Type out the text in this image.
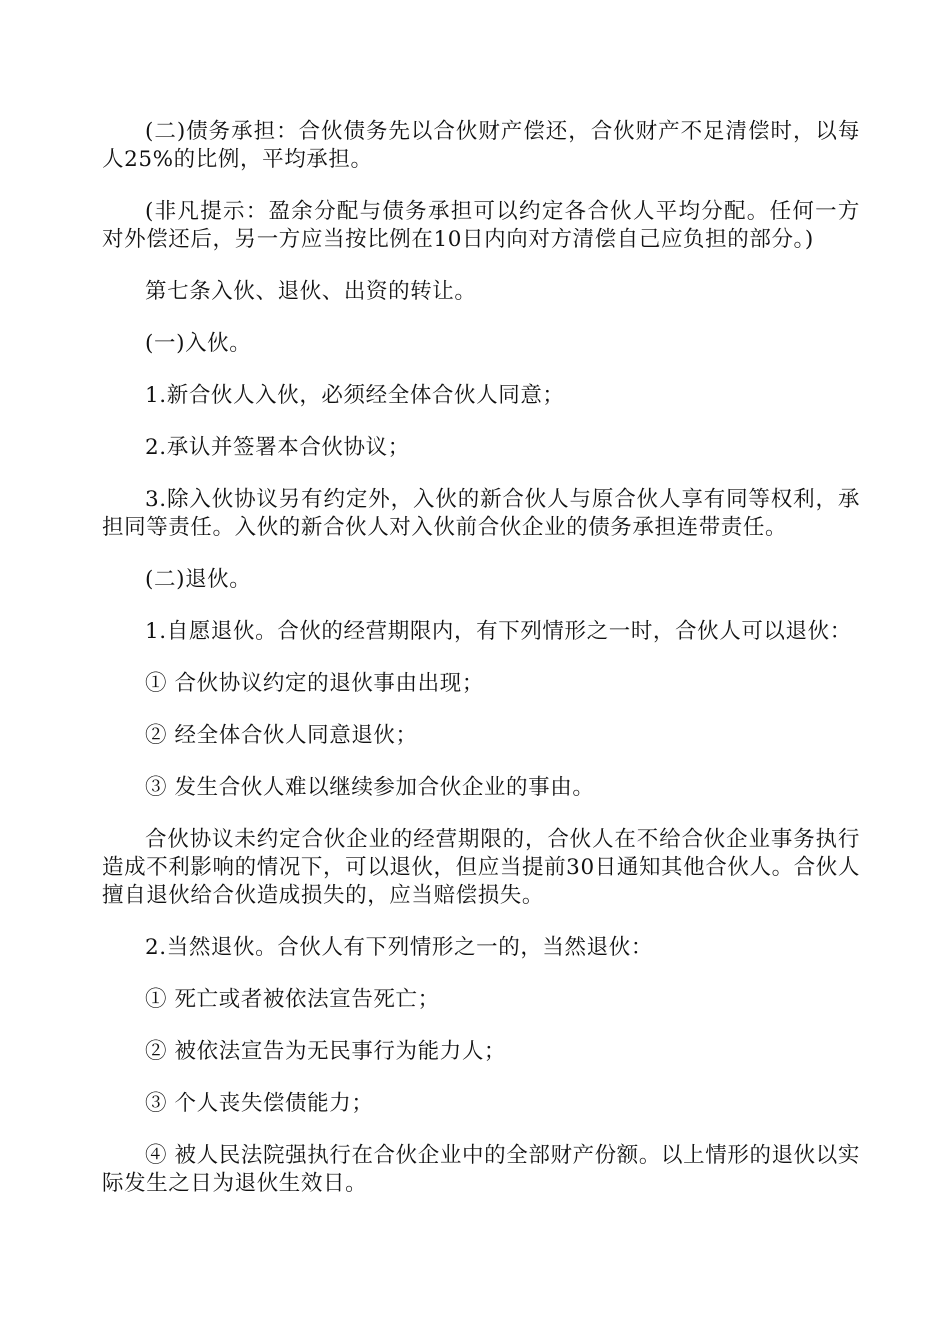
(二)债务承担：合伙债务先以合伙财产偿还，合伙财产不足清偿时，以每人25%的比例，平均承担。

(非凡提示：盈余分配与债务承担可以约定各合伙人平均分配。任何一方对外偿还后，另一方应当按比例在10日内向对方清偿自己应负担的部分。)

第七条入伙、退伙、出资的转让。

(一)入伙。

1.新合伙人入伙，必须经全体合伙人同意；

2.承认并签署本合伙协议；

3.除入伙协议另有约定外，入伙的新合伙人与原合伙人享有同等权利，承担同等责任。入伙的新合伙人对入伙前合伙企业的债务承担连带责任。

(二)退伙。

1.自愿退伙。合伙的经营期限内，有下列情形之一时，合伙人可以退伙：

① 合伙协议约定的退伙事由出现；

② 经全体合伙人同意退伙；

③ 发生合伙人难以继续参加合伙企业的事由。

合伙协议未约定合伙企业的经营期限的，合伙人在不给合伙企业事务执行造成不利影响的情况下，可以退伙，但应当提前30日通知其他合伙人。合伙人擅自退伙给合伙造成损失的，应当赔偿损失。

2.当然退伙。合伙人有下列情形之一的，当然退伙：

① 死亡或者被依法宣告死亡；

② 被依法宣告为无民事行为能力人；

③ 个人丧失偿债能力；

④ 被人民法院强执行在合伙企业中的全部财产份额。以上情形的退伙以实际发生之日为退伙生效日。
